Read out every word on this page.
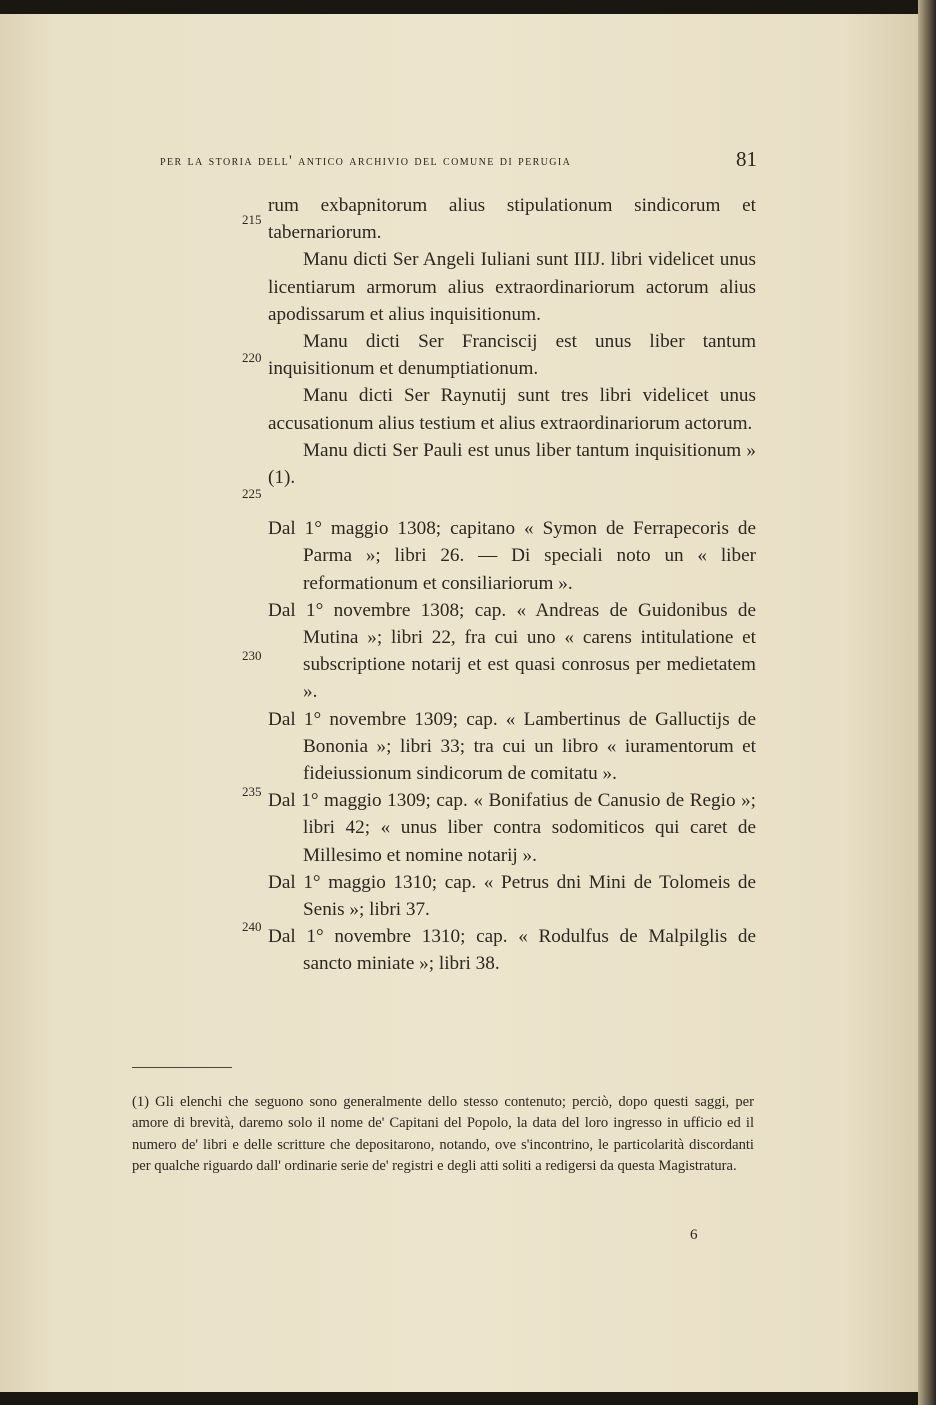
per la storia dell' antico archivio del comune di perugia	81
215
220
225
230
235
240

rum exbapnitorum alius stipulationum sindicorum et tabernariorum.

Manu dicti Ser Angeli Iuliani sunt IIIJ. libri videlicet unus licentiarum armorum alius extraordinariorum actorum alius apodissarum et alius inquisitionum.

Manu dicti Ser Franciscij est unus liber tantum inquisitionum et denumptiationum.

Manu dicti Ser Raynutij sunt tres libri videlicet unus accusationum alius testium et alius extraordinariorum actorum.

Manu dicti Ser Pauli est unus liber tantum inquisitionum » (1).

Dal 1° maggio 1308; capitano « Symon de Ferrapecoris de Parma »; libri 26. — Di speciali noto un « liber reformationum et consiliariorum ».

Dal 1° novembre 1308; cap. « Andreas de Guidonibus de Mutina »; libri 22, fra cui uno « carens intitulatione et subscriptione notarij et est quasi conrosus per medietatem ».

Dal 1° novembre 1309; cap. « Lambertinus de Galluctijs de Bononia »; libri 33; tra cui un libro « iuramentorum et fideiussionum sindicorum de comitatu ».

Dal 1° maggio 1309; cap. « Bonifatius de Canusio de Regio »; libri 42; « unus liber contra sodomiticos qui caret de Millesimo et nomine notarij ».

Dal 1° maggio 1310; cap. « Petrus dni Mini de Tolomeis de Senis »; libri 37.

Dal 1° novembre 1310; cap. « Rodulfus de Malpilglis de sancto miniate »; libri 38.

(1) Gli elenchi che seguono sono generalmente dello stesso contenuto; perciò, dopo questi saggi, per amore di brevità, daremo solo il nome de' Capitani del Popolo, la data del loro ingresso in ufficio ed il numero de' libri e delle scritture che depositarono, notando, ove s'incontrino, le particolarità discordanti per qualche riguardo dall' ordinarie serie de' registri e degli atti soliti a redigersi da questa Magistratura.

6
